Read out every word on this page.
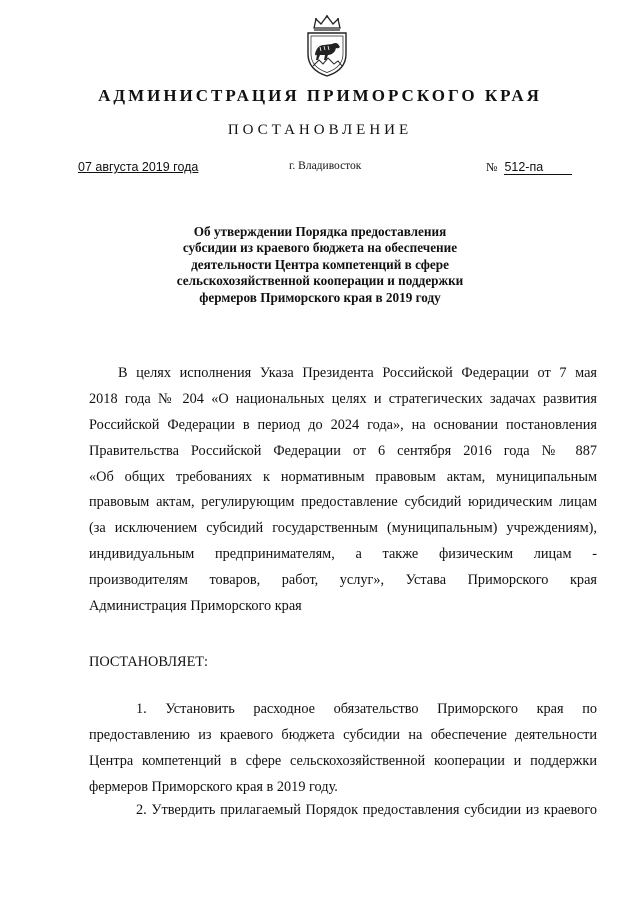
АДМИНИСТРАЦИЯ ПРИМОРСКОГО КРАЯ
ПОСТАНОВЛЕНИЕ
07 августа 2019 года	г. Владивосток	№ 512-па
Об утверждении Порядка предоставления
субсидии из краевого бюджета на обеспечение
деятельности Центра компетенций в сфере
сельскохозяйственной кооперации и поддержки
фермеров Приморского края в 2019 году
В целях исполнения Указа Президента Российской Федерации от 7 мая
2018 года № 204 «О национальных целях и стратегических задачах развития
Российской Федерации в период до 2024 года», на основании постановления
Правительства Российской Федерации от 6 сентября 2016 года № 887
«Об общих требованиях к нормативным правовым актам, муниципальным
правовым актам, регулирующим предоставление субсидий юридическим лицам
(за исключением субсидий государственным (муниципальным) учреждениям),
индивидуальным предпринимателям, а также физическим лицам -
производителям товаров, работ, услуг», Устава Приморского края
Администрация Приморского края
ПОСТАНОВЛЯЕТ:
1. Установить расходное обязательство Приморского края по
предоставлению из краевого бюджета субсидии на обеспечение деятельности
Центра компетенций в сфере сельскохозяйственной кооперации и поддержки
фермеров Приморского края в 2019 году.
2. Утвердить прилагаемый Порядок предоставления субсидии из краевого
